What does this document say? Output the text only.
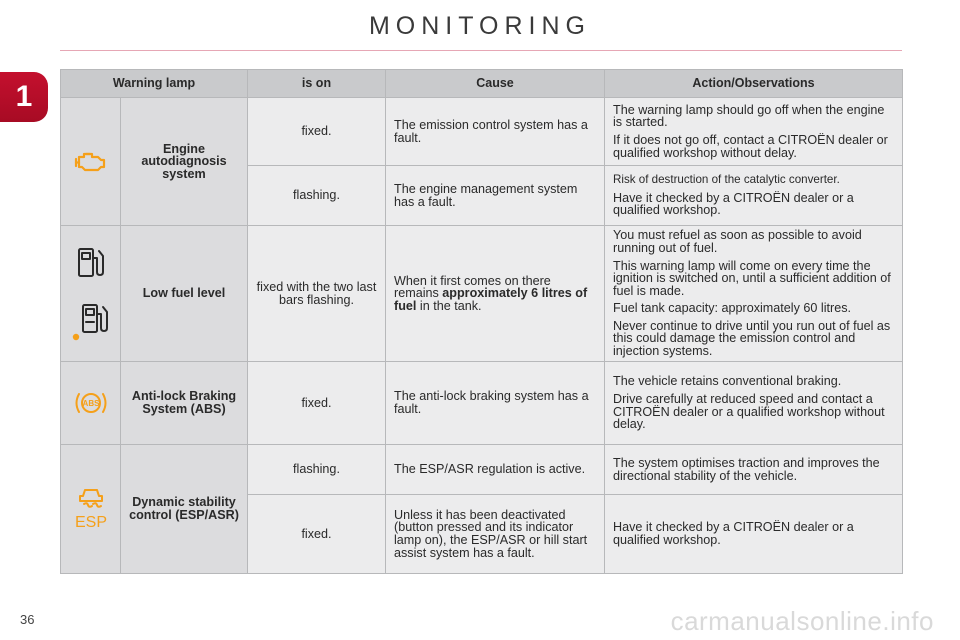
MONITORING
1	Warning lamp		is on	Cause	Action/Observations

	Engine autodiagnosis system	fixed.	The emission control system has a fault.	The warning lamp should go off when the engine is started.

If it does not go off, contact a CITROËN dealer or qualified workshop without delay.

		flashing.	The engine management system has a fault.	Risk of destruction of the catalytic converter.

Have it checked by a CITROËN dealer or a qualified workshop.

	Low fuel level	fixed with the two last bars flashing.	When it first comes on there remains approximately 6 litres of fuel in the tank.	You must refuel as soon as possible to avoid running out of fuel.

This warning lamp will come on every time the ignition is switched on, until a sufficient addition of fuel is made.

Fuel tank capacity: approximately 60 litres.

Never continue to drive until you run out of fuel as this could damage the emission control and injection systems.

ABS	Anti-lock Braking System (ABS)	fixed.	The anti-lock braking system has a fault.	The vehicle retains conventional braking.

Drive carefully at reduced speed and contact a CITROËN dealer or a qualified workshop without delay.

ESP	Dynamic stability control (ESP/ASR)	flashing.	The ESP/ASR regulation is active.	The system optimises traction and improves the directional stability of the vehicle.
		fixed.	Unless it has been deactivated (button pressed and its indicator lamp on), the ESP/ASR or hill start assist system has a fault.	Have it checked by a CITROËN dealer or a qualified workshop.
36	carmanualsonline.info
